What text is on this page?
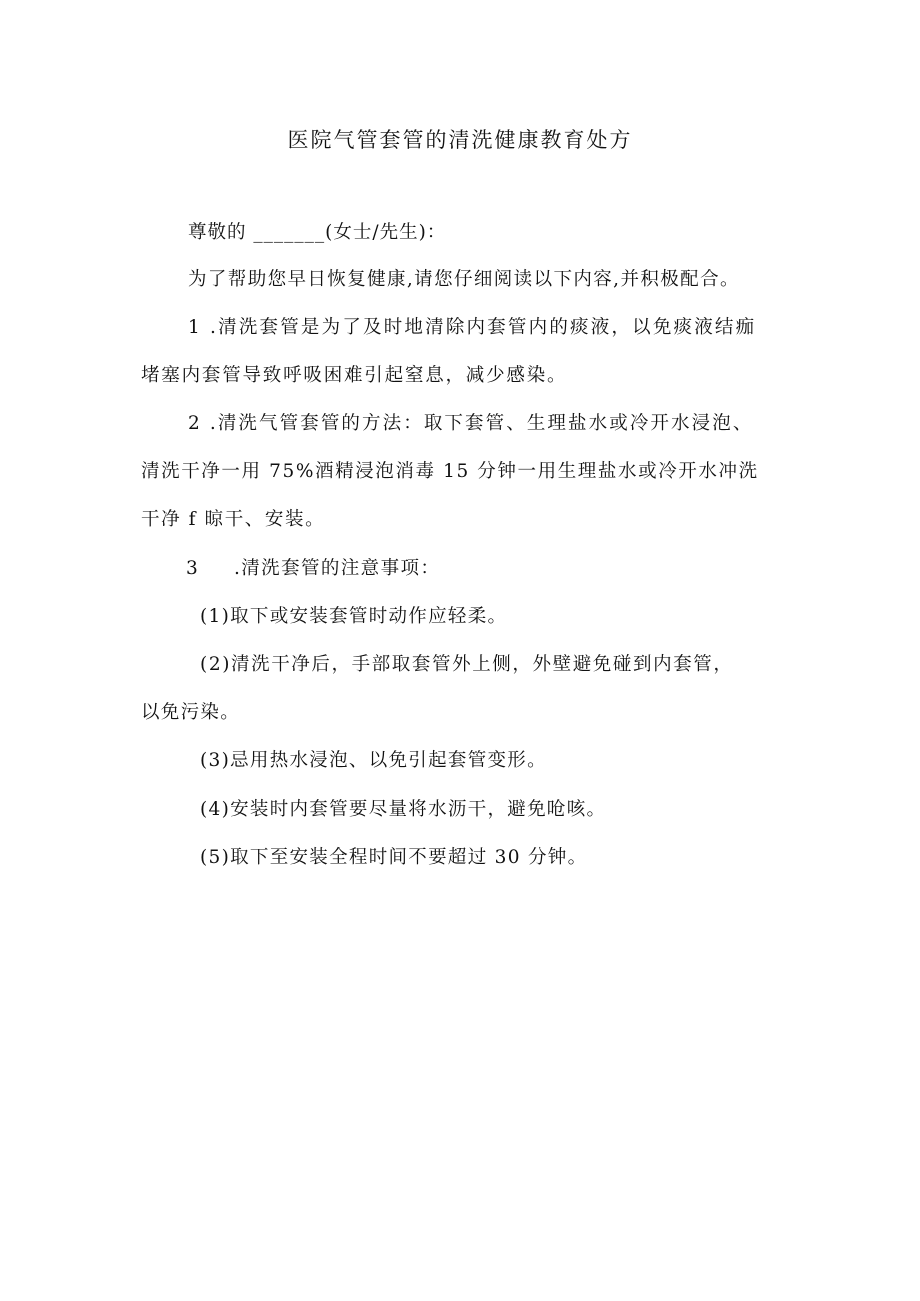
医院气管套管的清洗健康教育处方
尊敬的 _______(女士/先生)：
为了帮助您早日恢复健康,请您仔细阅读以下内容,并积极配合。
1 .清洗套管是为了及时地清除内套管内的痰液，以免痰液结痂
堵塞内套管导致呼吸困难引起窒息，减少感染。
2 .清洗气管套管的方法：取下套管、生理盐水或冷开水浸泡、
清洗干净一用 75%酒精浸泡消毒 15 分钟一用生理盐水或冷开水冲洗
干净 f 晾干、安装。
3 .清洗套管的注意事项：
(1)取下或安装套管时动作应轻柔。
(2)清洗干净后，手部取套管外上侧，外壁避免碰到内套管，
以免污染。
(3)忌用热水浸泡、以免引起套管变形。
(4)安装时内套管要尽量将水沥干，避免呛咳。
(5)取下至安装全程时间不要超过 30 分钟。
